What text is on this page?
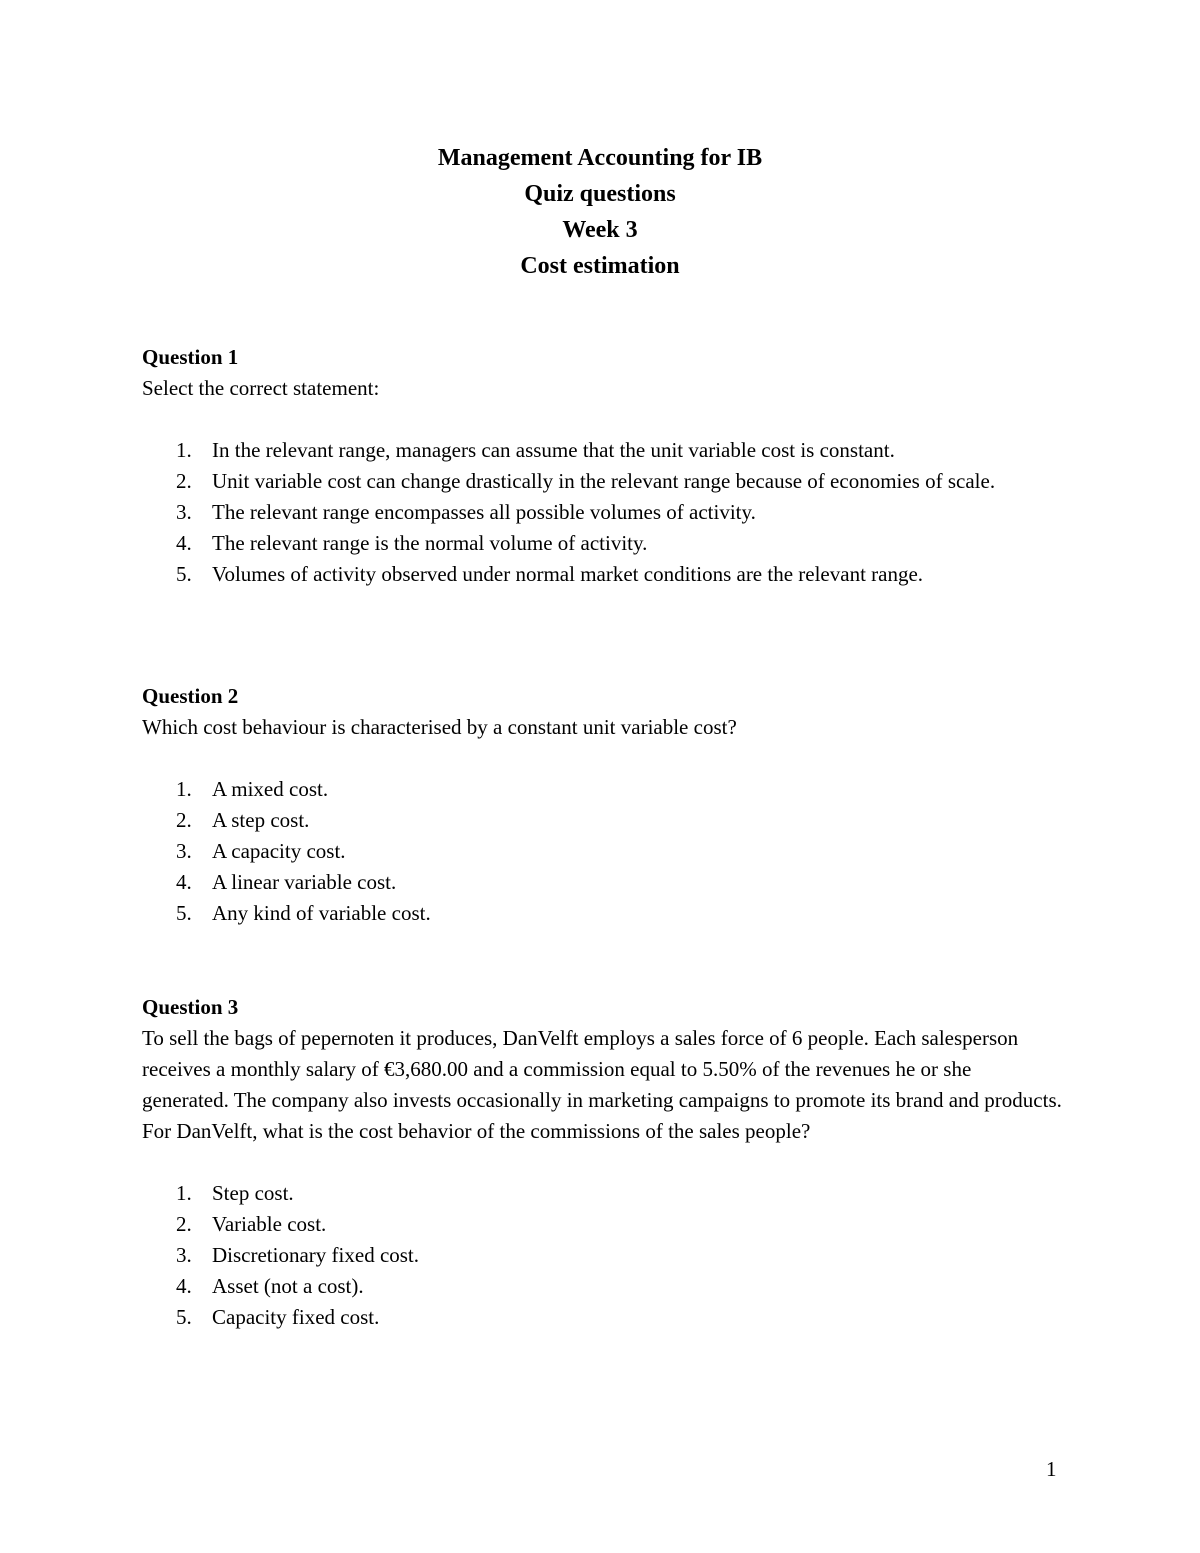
Management Accounting for IB
Quiz questions
Week 3
Cost estimation
Question 1
Select the correct statement:
1. In the relevant range, managers can assume that the unit variable cost is constant.
2. Unit variable cost can change drastically in the relevant range because of economies of scale.
3. The relevant range encompasses all possible volumes of activity.
4. The relevant range is the normal volume of activity.
5. Volumes of activity observed under normal market conditions are the relevant range.
Question 2
Which cost behaviour is characterised by a constant unit variable cost?
1. A mixed cost.
2. A step cost.
3. A capacity cost.
4. A linear variable cost.
5. Any kind of variable cost.
Question 3
To sell the bags of pepernoten it produces, DanVelft employs a sales force of 6 people. Each salesperson receives a monthly salary of €3,680.00 and a commission equal to 5.50% of the revenues he or she generated. The company also invests occasionally in marketing campaigns to promote its brand and products. For DanVelft, what is the cost behavior of the commissions of the sales people?
1. Step cost.
2. Variable cost.
3. Discretionary fixed cost.
4. Asset (not a cost).
5. Capacity fixed cost.
1
